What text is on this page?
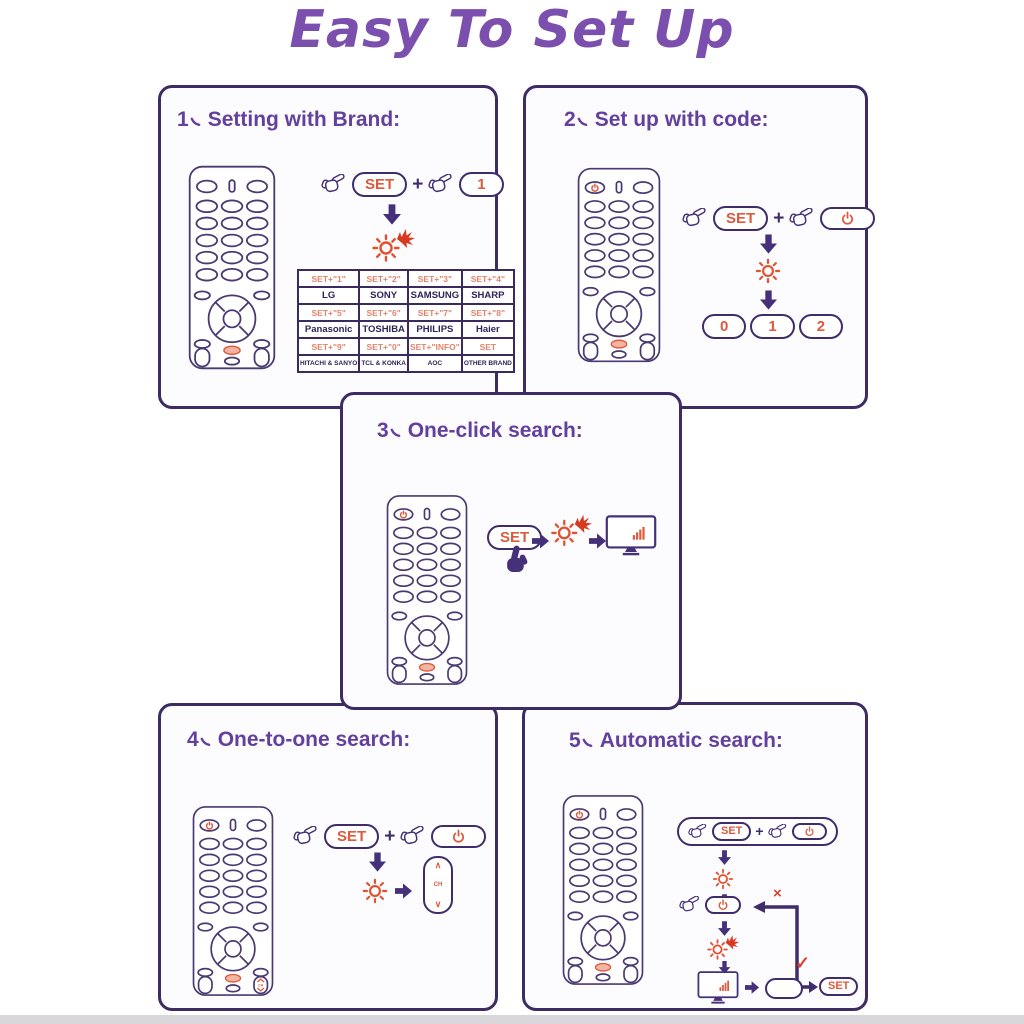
Easy To Set Up
1 Setting with Brand:
SET +	1
SET+"1"	SET+"2"	SET+"3"	SET+"4"
LG	SONY	SAMSUNG	SHARP
SET+"5"	SET+"6"	SET+"7"	SET+"8"
Panasonic	TOSHIBA	PHILIPS	Haier
SET+"9"	SET+"0"	SET+"INFO"	SET
HITACHI & SANYO	TCL & KONKA	AOC	OTHER BRAND
2 Set up with code:
SET +
0	1	2
3 One-click search:
SET
4 One-to-one search:
CH
SET +
∧
CH
∨
5 Automatic search:
SET +
×
✓
SET
